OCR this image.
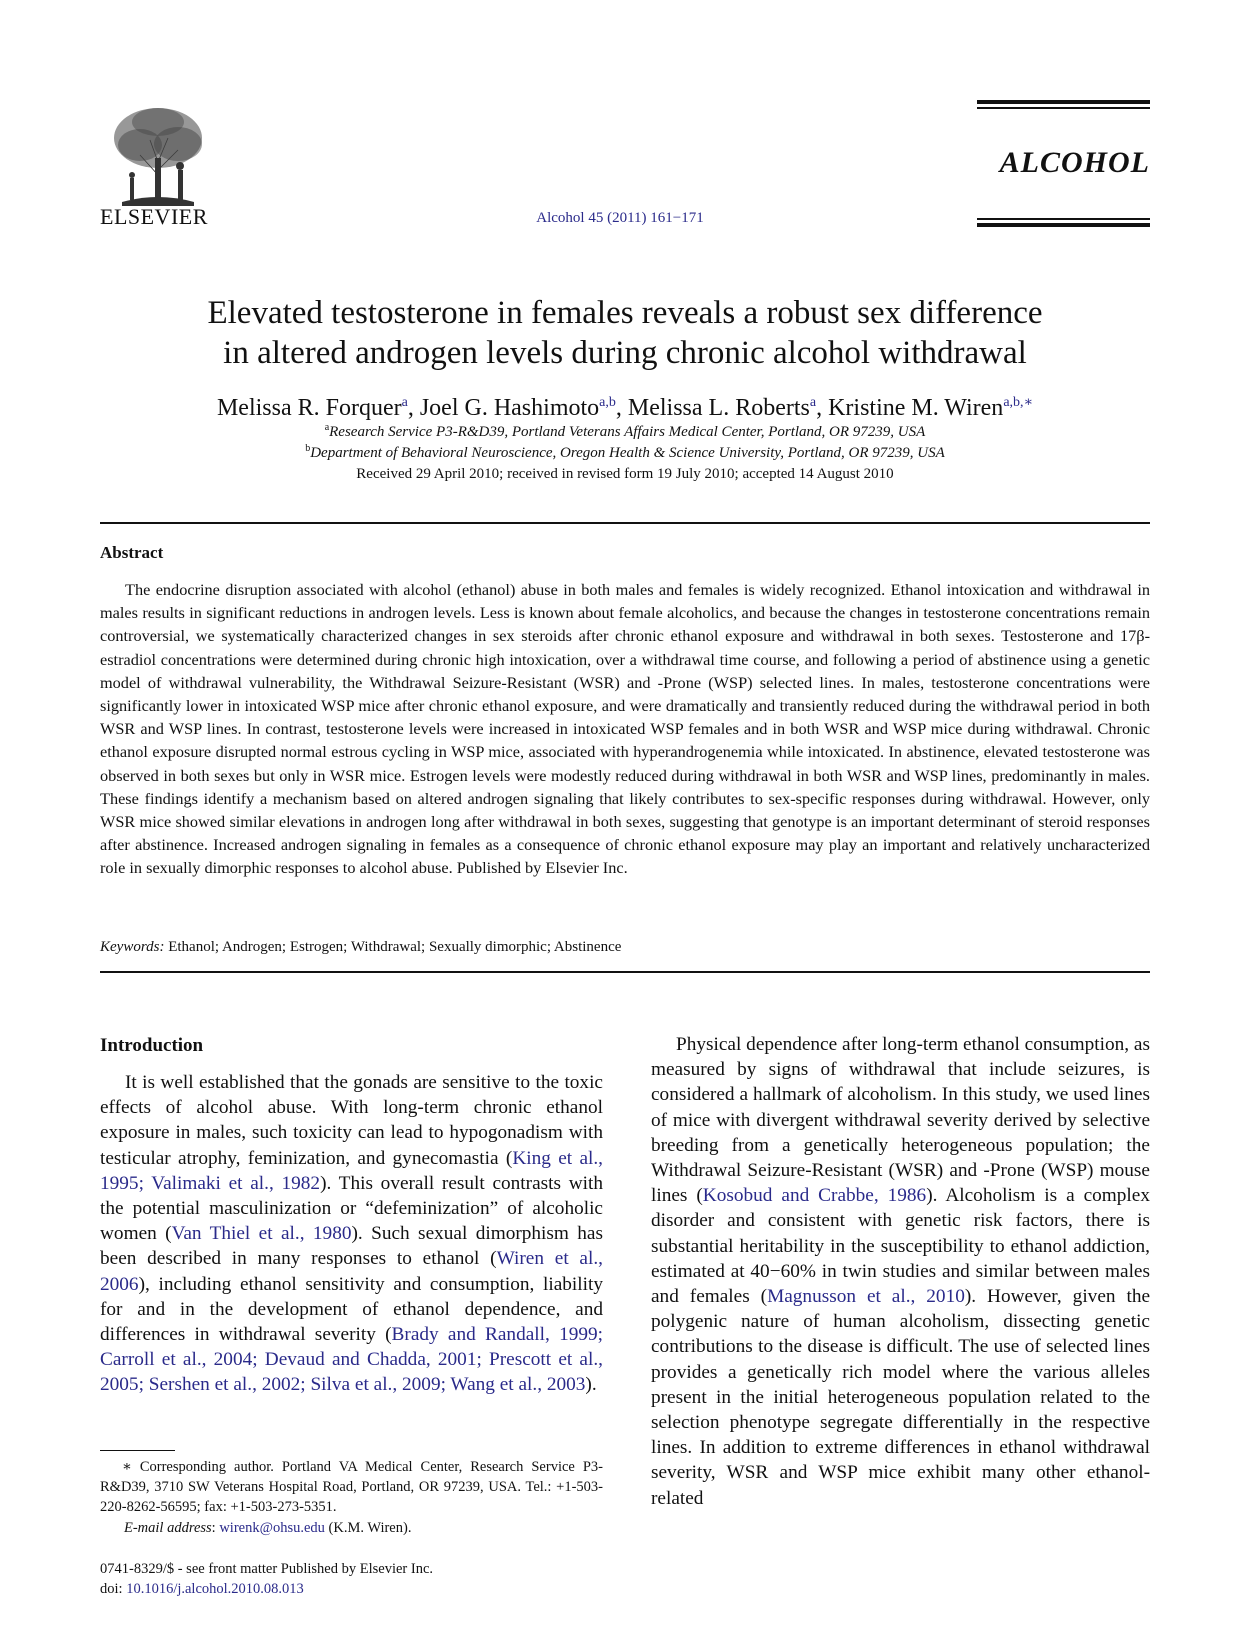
ELSEVIER	Alcohol 45 (2011) 161−171
ALCOHOL
Elevated testosterone in females reveals a robust sex difference
in altered androgen levels during chronic alcohol withdrawal
Melissa R. Forquer$^a$, Joel G. Hashimoto$^{a,b}$, Melissa L. Roberts$^a$, Kristine M. Wiren$^{a,b,∗}$
$^a$Research Service P3-R&D39, Portland Veterans Affairs Medical Center, Portland, OR 97239, USA
$^b$Department of Behavioral Neuroscience, Oregon Health & Science University, Portland, OR 97239, USA
Received 29 April 2010; received in revised form 19 July 2010; accepted 14 August 2010
Abstract
The endocrine disruption associated with alcohol (ethanol) abuse in both males and females is widely recognized. Ethanol intoxication and withdrawal in males results in significant reductions in androgen levels. Less is known about female alcoholics, and because the changes in testosterone concentrations remain controversial, we systematically characterized changes in sex steroids after chronic ethanol exposure and withdrawal in both sexes. Testosterone and 17β-estradiol concentrations were determined during chronic high intoxication, over a withdrawal time course, and following a period of abstinence using a genetic model of withdrawal vulnerability, the Withdrawal Seizure-Resistant (WSR) and -Prone (WSP) selected lines. In males, testosterone concentrations were significantly lower in intoxicated WSP mice after chronic ethanol exposure, and were dramatically and transiently reduced during the withdrawal period in both WSR and WSP lines. In contrast, testosterone levels were increased in intoxicated WSP females and in both WSR and WSP mice during withdrawal. Chronic ethanol exposure disrupted normal estrous cycling in WSP mice, associated with hyperandrogenemia while intoxicated. In abstinence, elevated testosterone was observed in both sexes but only in WSR mice. Estrogen levels were modestly reduced during withdrawal in both WSR and WSP lines, predominantly in males. These findings identify a mechanism based on altered androgen signaling that likely contributes to sex-specific responses during withdrawal. However, only WSR mice showed similar elevations in androgen long after withdrawal in both sexes, suggesting that genotype is an important determinant of steroid responses after abstinence. Increased androgen signaling in females as a consequence of chronic ethanol exposure may play an important and relatively uncharacterized role in sexually dimorphic responses to alcohol abuse. Published by Elsevier Inc.
Keywords: Ethanol; Androgen; Estrogen; Withdrawal; Sexually dimorphic; Abstinence
Introduction
It is well established that the gonads are sensitive to the toxic effects of alcohol abuse. With long-term chronic ethanol exposure in males, such toxicity can lead to hypogonadism with testicular atrophy, feminization, and gynecomastia (King et al., 1995; Valimaki et al., 1982). This overall result contrasts with the potential masculinization or “defeminization” of alcoholic women (Van Thiel et al., 1980). Such sexual dimorphism has been described in many responses to ethanol (Wiren et al., 2006), including ethanol sensitivity and consumption, liability for and in the development of ethanol dependence, and differences in withdrawal severity (Brady and Randall, 1999; Carroll et al., 2004; Devaud and Chadda, 2001; Prescott et al., 2005; Sershen et al., 2002; Silva et al., 2009; Wang et al., 2003).
Physical dependence after long-term ethanol consumption, as measured by signs of withdrawal that include seizures, is considered a hallmark of alcoholism. In this study, we used lines of mice with divergent withdrawal severity derived by selective breeding from a genetically heterogeneous population; the Withdrawal Seizure-Resistant (WSR) and -Prone (WSP) mouse lines (Kosobud and Crabbe, 1986). Alcoholism is a complex disorder and consistent with genetic risk factors, there is substantial heritability in the susceptibility to ethanol addiction, estimated at 40−60% in twin studies and similar between males and females (Magnusson et al., 2010). However, given the polygenic nature of human alcoholism, dissecting genetic contributions to the disease is difficult. The use of selected lines provides a genetically rich model where the various alleles present in the initial heterogeneous population related to the selection phenotype segregate differentially in the respective lines. In addition to extreme differences in ethanol withdrawal severity, WSR and WSP mice exhibit many other ethanol-related
∗ Corresponding author. Portland VA Medical Center, Research Service P3-R&D39, 3710 SW Veterans Hospital Road, Portland, OR 97239, USA. Tel.: +1-503-220-8262-56595; fax: +1-503-273-5351.
E-mail address: wirenk@ohsu.edu (K.M. Wiren).
0741-8329/$ - see front matter Published by Elsevier Inc.
doi: 10.1016/j.alcohol.2010.08.013
